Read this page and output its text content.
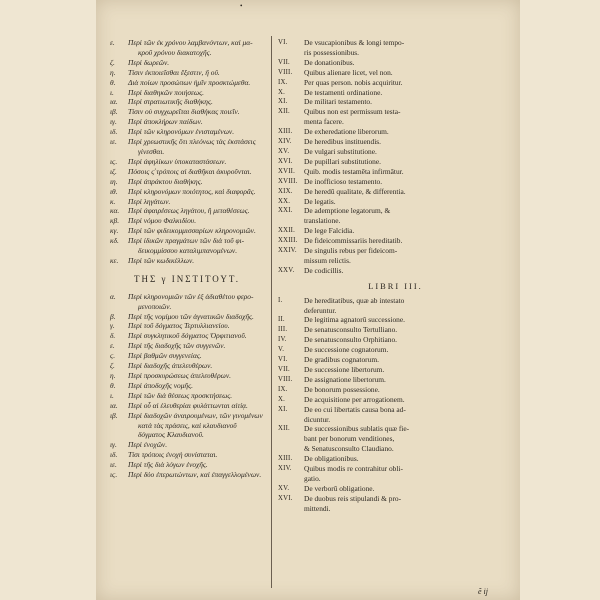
•
ε.	Περὶ τῶν ἐκ χρόνου λαμβανόντων, καὶ μα-
κροῦ χρόνου διακατοχῆς.
ζ.	Περὶ δωρεῶν.
η.	Τίσιν ἐκποιεῖσθαι ἔξεστιν, ἢ οὔ.
θ.	Διὰ ποίων προσώπων ἡμῖν προσκτώμεθα.
ι.	Περὶ διαθηκῶν ποιήσεως.
ια.	Περὶ στρατιωτικῆς διαθήκης.
ιβ.	Τίσιν οὐ συγχωρεῖται διαθήκας ποιεῖν.
ιγ.	Περὶ ἀποκλήρων παίδων.
ιδ.	Περὶ τῶν κληρονόμων ἐνισταμένων.
ιε.	Περὶ χρεωστικῆς ὅτι πλεόνως τὰς ἐκστάσεις
γίνεσθαι.
ιϛ.	Περὶ ἀφηλίκων ὑποκαταστάσεων.
ιζ.	Πόσοις ϛ̓ τρόποις αἱ διαθῆκαι ἀκυροῦνται.
ιη.	Περὶ ἀπράκτου διαθήκης.
ιθ.	Περὶ κληρονόμων ποιότητος, καὶ διαφορᾶς.
κ.	Περὶ ληγάτων.
κα.	Περὶ ἀφαιρέσεως ληγάτου, ἢ μεταθέσεως.
κβ.	Περὶ νόμου Φαλκιδίου.
κγ.	Περὶ τῶν φιδεικομμισσαρίων κληρονομιῶν.
κδ.	Περὶ ἰδικῶν πραγμάτων τῶν διὰ τοῦ φι-
δεικομμίσσου καταλιμπανομένων.
κε.	Περὶ τῶν κωδικέλλων.
ΤΗΣ γ ΙΝΣΤΙΤΟΥΤ.
α.	Περὶ κληρονομιῶν τῶν ἐξ ἀδιαθέτου φερο-
μενοποιῶν.
β.	Περὶ τῆς νομίμου τῶν ἀγνατικῶν διαδοχῆς.
γ.	Περὶ τοῦ δόγματος Τερτυλλιανείου.
δ.	Περὶ συγκλητικοῦ δόγματος Ὀρφιτιανοῦ.
ε.	Περὶ τῆς διαδοχῆς τῶν συγγενῶν.
ϛ.	Περὶ βαθμῶν συγγενείας.
ζ.	Περὶ διαδοχῆς ἀπελευθέρων.
η.	Περὶ προσκυρώσεως ἀπελευθέρων.
θ.	Περὶ ἀποδοχῆς νομῆς.
ι.	Περὶ τῶν διὰ θέσεως προσκτήσεως.
ια.	Περὶ οὗ αἱ ἐλευθερίαι φυλάττωνται αἰτίᾳ.
ιβ.	Περὶ διαδοχῶν ἀναιρουμένων, τῶν γινομένων
κατὰ τὰς πράσεις, καὶ κλαυδιανοῦ
δόγματος Κλαυδιανοῦ.
ιγ.	Περὶ ἐνοχῶν.
ιδ.	Τίσι τρόποις ἐνοχὴ συνίσταται.
ιε.	Περὶ τῆς διὰ λόγων ἐνοχῆς.
ιϛ.	Περὶ δύο ἐπερωτώντων, καὶ ἐπαγγελλομένων.
VI.	De vsucapionibus & longi tempo-
ris possessionibus.
VII.	De donationibus.
VIII.	Quibus alienare licet, vel non.
IX.	Per quas person. nobis acquiritur.
X.	De testamenti ordinatione.
XI.	De militari testamento.
XII.	Quibus non est permissum testa-
menta facere.
XIII.	De exheredatione liberorum.
XIV.	De heredibus instituendis.
XV.	De vulgari substitutione.
XVI.	De pupillari substitutione.
XVII.	Quib. modis testamēta infirmātur.
XVIII. De inofficioso testamento.
XIX.	De heredū qualitate, & differentia.
XX.	De legatis.
XXI.	De ademptione legatorum, &
translatione.
XXII.	De lege Falcidia.
XXIII. De fideicommissariis hereditatib.
XXIV. De singulis rebus per fideicom-
missum relictis.
XXV.	De codicillis.
LIBRI III.
I.	De hereditatibus, quæ ab intestato
deferuntur.
II.	De legitima agnatorū successione.
III.	De senatusconsulto Tertulliano.
IV.	De senatusconsulto Orphitiano.
V.	De successione cognatorum.
VI.	De gradibus cognatorum.
VII.	De successione libertorum.
VIII.	De assignatione libertorum.
IX.	De bonorum possessione.
X.	De acquisitione per arrogationem.
XI.	De eo cui libertatis causa bona ad-
dicuntur.
XII.	De successionibus sublatis quæ fie-
bant per bonorum venditiones,
& Senatusconsulto Claudiano.
XIII.	De obligationibus.
XIV.	Quibus modis re contrahitur obli-
gatio.
XV.	De verborū obligatione.
XVI.	De duobus reis stipulandi & pro-
mittendi.
ẽ ij
